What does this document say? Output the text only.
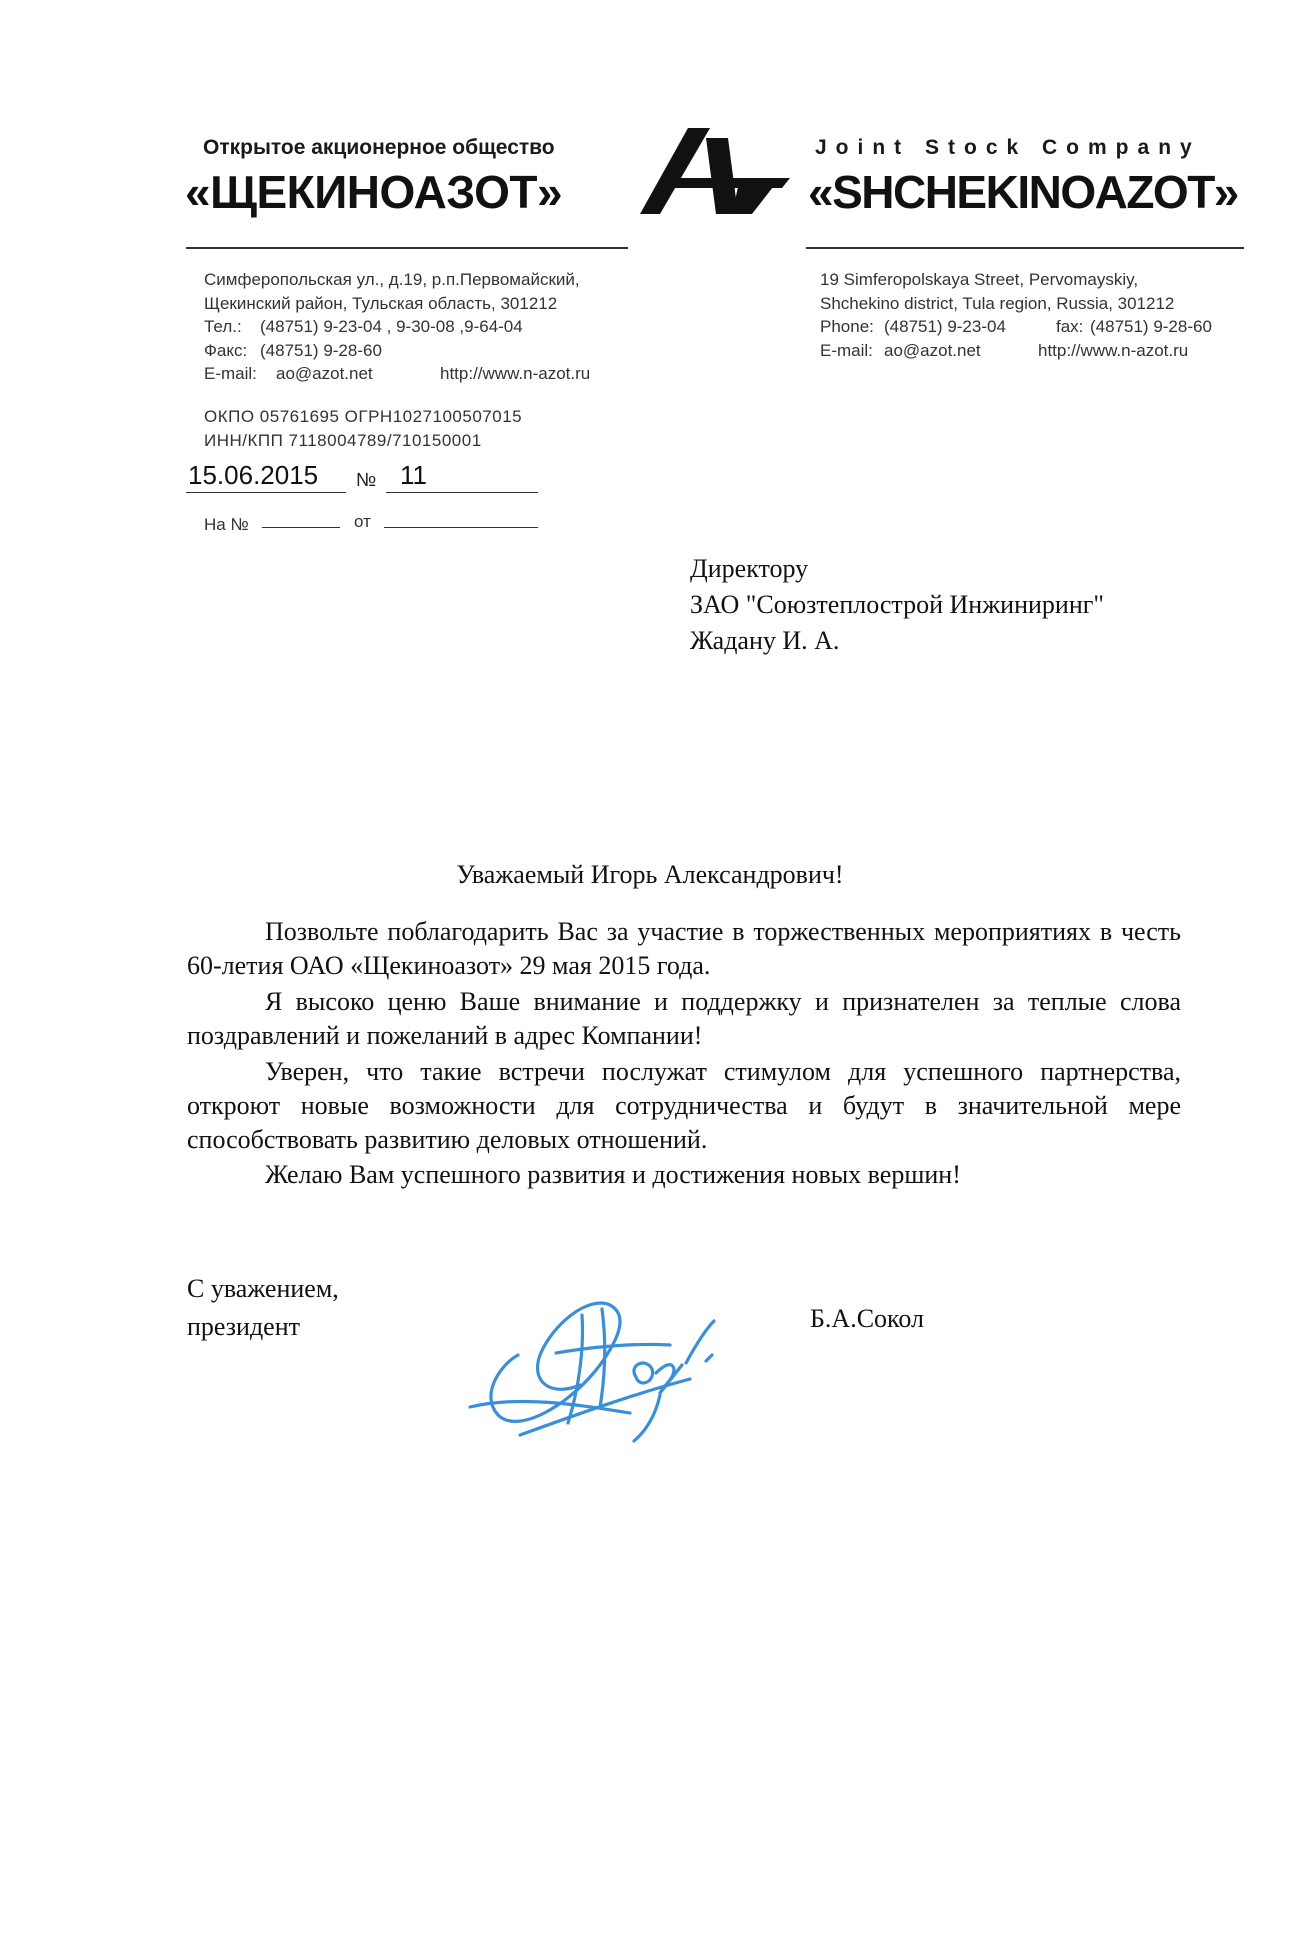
Открытое акционерное общество
«ЩЕКИНОАЗОТ»
Joint Stock Company
«SHCHEKINOAZOT»
Симферопольская ул., д.19, р.п.Первомайский,
Щекинский район, Тульская область, 301212
Тел.: (48751) 9-23-04 , 9-30-08 ,9-64-04
Факс: (48751) 9-28-60
E-mail: ao@azot.net	http://www.n-azot.ru
19 Simferopolskaya Street, Pervomayskiy,
Shchekino district, Tula region, Russia, 301212
Phone: (48751) 9-23-04	fax: (48751) 9-28-60
E-mail: ao@azot.net	http://www.n-azot.ru
ОКПО 05761695 ОГРН1027100507015
ИНН/КПП 7118004789/710150001
15.06.2015 № 11
На №	от
Директору
ЗАО "Союзтеплострой Инжиниринг"
Жадану И. А.
Уважаемый Игорь Александрович!
Позвольте поблагодарить Вас за участие в торжественных мероприятиях в честь 60-летия ОАО «Щекиноазот» 29 мая 2015 года.
Я высоко ценю Ваше внимание и поддержку и признателен за теплые слова поздравлений и пожеланий в адрес Компании!
Уверен, что такие встречи послужат стимулом для успешного партнерства, откроют новые возможности для сотрудничества и будут в значительной мере способствовать развитию деловых отношений.
Желаю Вам успешного развития и достижения новых вершин!
С уважением,
президент	Б.А.Сокол
